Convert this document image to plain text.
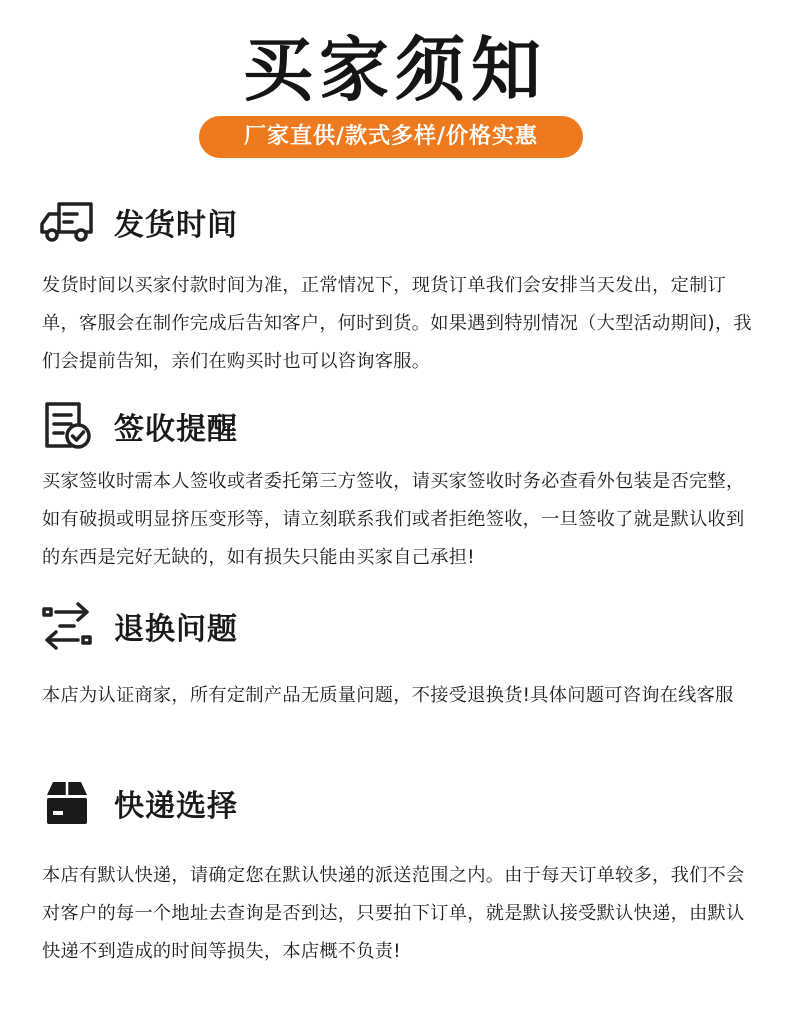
买家须知
厂家直供/款式多样/价格实惠
发货时间
发货时间以买家付款时间为准，正常情况下，现货订单我们会安排当天发出，定制订单，客服会在制作完成后告知客户，何时到货。如果遇到特别情况（大型活动期间)，我们会提前告知，亲们在购买时也可以咨询客服。
签收提醒
买家签收时需本人签收或者委托第三方签收，请买家签收时务必查看外包装是否完整，如有破损或明显挤压变形等，请立刻联系我们或者拒绝签收，一旦签收了就是默认收到的东西是完好无缺的，如有损失只能由买家自己承担!
退换问题
本店为认证商家，所有定制产品无质量问题，不接受退换货!具体问题可咨询在线客服
快递选择
本店有默认快递，请确定您在默认快递的派送范围之内。由于每天订单较多，我们不会对客户的每一个地址去查询是否到达，只要拍下订单，就是默认接受默认快递，由默认快递不到造成的时间等损失，本店概不负责!
